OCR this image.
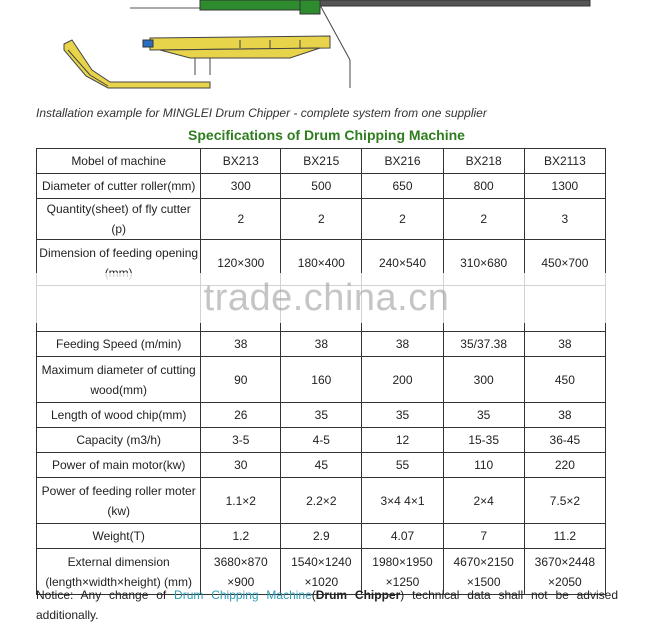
Installation example for MINGLEI Drum Chipper - complete system from one supplier
Specifications of Drum Chipping Machine
Mobel of machine	BX213	BX215	BX216	BX218	BX2113
Diameter of cutter roller(mm)	300	500	650	800	1300
Quantity(sheet) of fly cutter (p)	2	2	2	2	3
Dimension of feeding opening	120×300	180×400	240×540	310×680	450×700

Feeding Speed (m/min)	38	38	38	35/37.38	38
Maximum diameter of cutting wood(mm)	90	160	200	300	450
Length of wood chip(mm)	26	35	35	35	38
Capacity (m3/h)	3-5	4-5	12	15-35	36-45
Power of main motor(kw)	30	45	55	110	220
Power of feeding roller moter (kw)	1.1×2	2.2×2	3×4 4×1	2×4	7.5×2
Weight(T)	1.2	2.9	4.07	7	11.2
External dimension (length×width×height) (mm)	3680×870 ×900	1540×1240 ×1020	1980×1950 ×1250	4670×2150 ×1500	3670×2448 ×2050
trade.china.cn
Notice: Any change of Drum Chipping Machine(Drum Chipper) technical data shall not be advised additionally.
